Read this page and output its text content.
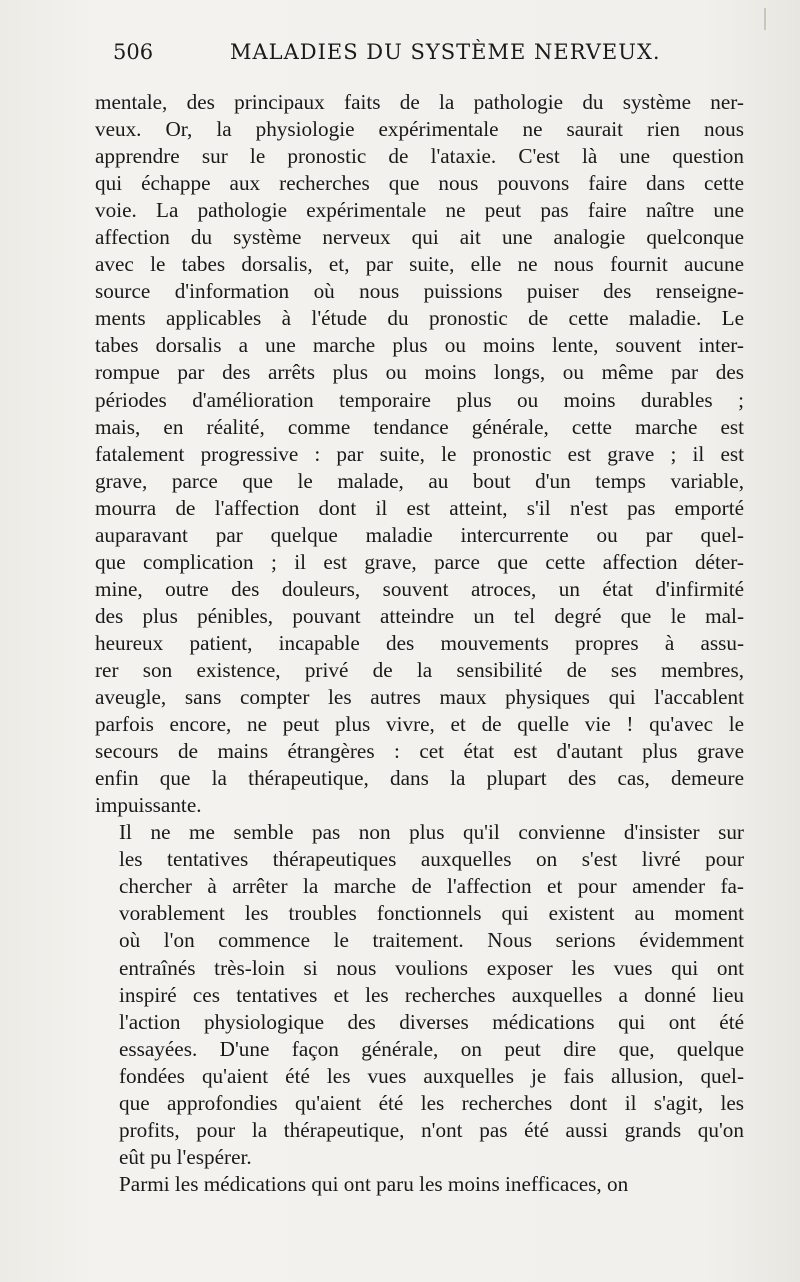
506	MALADIES DU SYSTÈME NERVEUX.

mentale, des principaux faits de la pathologie du système ner-
veux. Or, la physiologie expérimentale ne saurait rien nous
apprendre sur le pronostic de l'ataxie. C'est là une question
qui échappe aux recherches que nous pouvons faire dans cette
voie. La pathologie expérimentale ne peut pas faire naître une
affection du système nerveux qui ait une analogie quelconque
avec le tabes dorsalis, et, par suite, elle ne nous fournit aucune
source d'information où nous puissions puiser des renseigne-
ments applicables à l'étude du pronostic de cette maladie. Le
tabes dorsalis a une marche plus ou moins lente, souvent inter-
rompue par des arrêts plus ou moins longs, ou même par des
périodes d'amélioration temporaire plus ou moins durables ;
mais, en réalité, comme tendance générale, cette marche est
fatalement progressive : par suite, le pronostic est grave ; il est
grave, parce que le malade, au bout d'un temps variable,
mourra de l'affection dont il est atteint, s'il n'est pas emporté
auparavant par quelque maladie intercurrente ou par quel-
que complication ; il est grave, parce que cette affection déter-
mine, outre des douleurs, souvent atroces, un état d'infirmité
des plus pénibles, pouvant atteindre un tel degré que le mal-
heureux patient, incapable des mouvements propres à assu-
rer son existence, privé de la sensibilité de ses membres,
aveugle, sans compter les autres maux physiques qui l'accablent
parfois encore, ne peut plus vivre, et de quelle vie ! qu'avec le
secours de mains étrangères : cet état est d'autant plus grave
enfin que la thérapeutique, dans la plupart des cas, demeure
impuissante.

Il ne me semble pas non plus qu'il convienne d'insister sur
les tentatives thérapeutiques auxquelles on s'est livré pour
chercher à arrêter la marche de l'affection et pour amender fa-
vorablement les troubles fonctionnels qui existent au moment
où l'on commence le traitement. Nous serions évidemment
entraînés très-loin si nous voulions exposer les vues qui ont
inspiré ces tentatives et les recherches auxquelles a donné lieu
l'action physiologique des diverses médications qui ont été
essayées. D'une façon générale, on peut dire que, quelque
fondées qu'aient été les vues auxquelles je fais allusion, quel-
que approfondies qu'aient été les recherches dont il s'agit, les
profits, pour la thérapeutique, n'ont pas été aussi grands qu'on
eût pu l'espérer.

Parmi les médications qui ont paru les moins inefficaces, on
